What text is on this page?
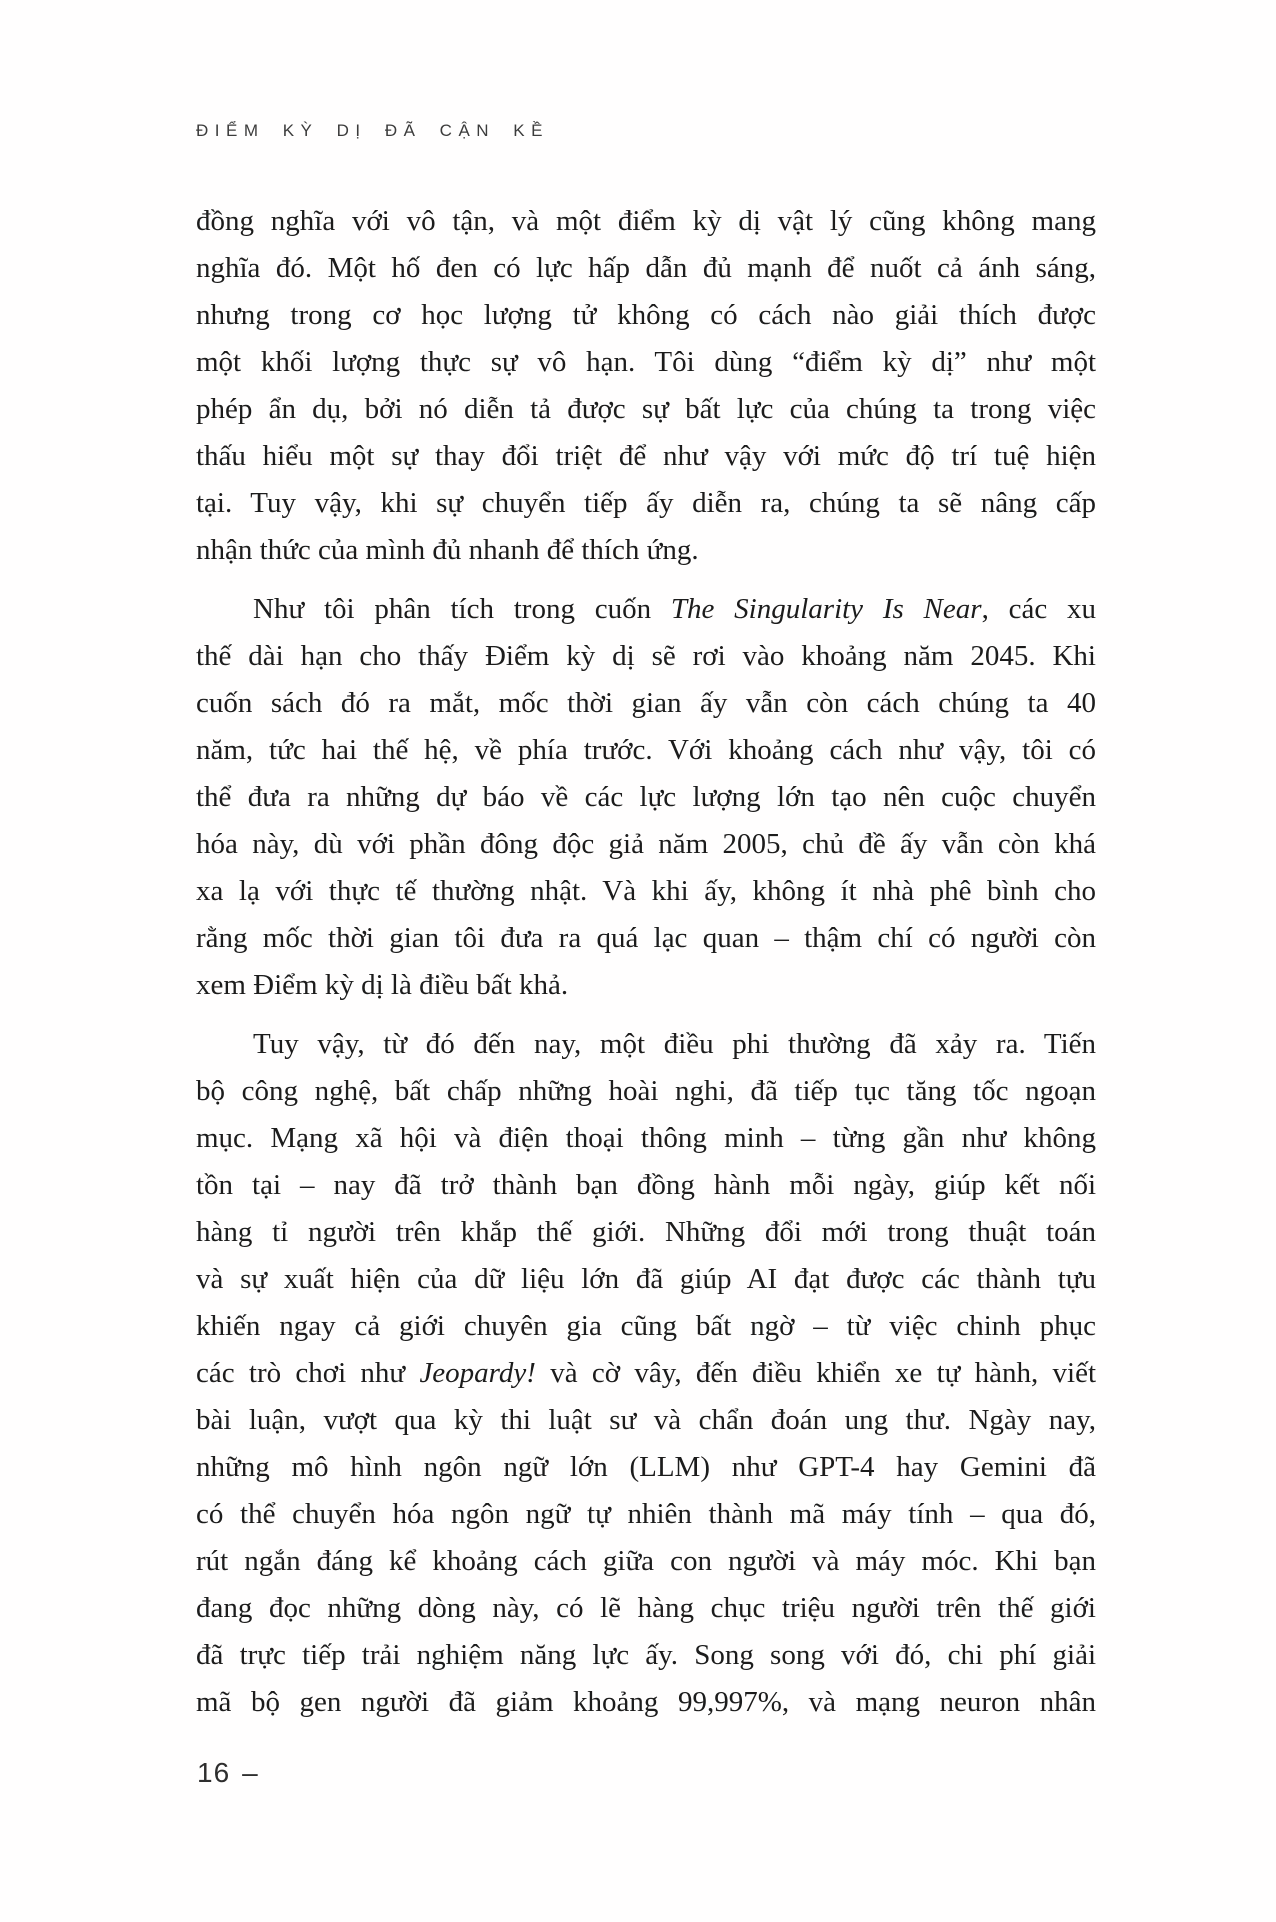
ĐIỂM KỲ DỊ ĐÃ CẬN KỀ
đồng nghĩa với vô tận, và một điểm kỳ dị vật lý cũng không mang
nghĩa đó. Một hố đen có lực hấp dẫn đủ mạnh để nuốt cả ánh sáng,
nhưng trong cơ học lượng tử không có cách nào giải thích được
một khối lượng thực sự vô hạn. Tôi dùng “điểm kỳ dị” như một
phép ẩn dụ, bởi nó diễn tả được sự bất lực của chúng ta trong việc
thấu hiểu một sự thay đổi triệt để như vậy với mức độ trí tuệ hiện
tại. Tuy vậy, khi sự chuyển tiếp ấy diễn ra, chúng ta sẽ nâng cấp
nhận thức của mình đủ nhanh để thích ứng.
Như tôi phân tích trong cuốn The Singularity Is Near, các xu
thế dài hạn cho thấy Điểm kỳ dị sẽ rơi vào khoảng năm 2045. Khi
cuốn sách đó ra mắt, mốc thời gian ấy vẫn còn cách chúng ta 40
năm, tức hai thế hệ, về phía trước. Với khoảng cách như vậy, tôi có
thể đưa ra những dự báo về các lực lượng lớn tạo nên cuộc chuyển
hóa này, dù với phần đông độc giả năm 2005, chủ đề ấy vẫn còn khá
xa lạ với thực tế thường nhật. Và khi ấy, không ít nhà phê bình cho
rằng mốc thời gian tôi đưa ra quá lạc quan – thậm chí có người còn
xem Điểm kỳ dị là điều bất khả.
Tuy vậy, từ đó đến nay, một điều phi thường đã xảy ra. Tiến
bộ công nghệ, bất chấp những hoài nghi, đã tiếp tục tăng tốc ngoạn
mục. Mạng xã hội và điện thoại thông minh – từng gần như không
tồn tại – nay đã trở thành bạn đồng hành mỗi ngày, giúp kết nối
hàng tỉ người trên khắp thế giới. Những đổi mới trong thuật toán
và sự xuất hiện của dữ liệu lớn đã giúp AI đạt được các thành tựu
khiến ngay cả giới chuyên gia cũng bất ngờ – từ việc chinh phục
các trò chơi như Jeopardy! và cờ vây, đến điều khiển xe tự hành, viết
bài luận, vượt qua kỳ thi luật sư và chẩn đoán ung thư. Ngày nay,
những mô hình ngôn ngữ lớn (LLM) như GPT-4 hay Gemini đã
có thể chuyển hóa ngôn ngữ tự nhiên thành mã máy tính – qua đó,
rút ngắn đáng kể khoảng cách giữa con người và máy móc. Khi bạn
đang đọc những dòng này, có lẽ hàng chục triệu người trên thế giới
đã trực tiếp trải nghiệm năng lực ấy. Song song với đó, chi phí giải
mã bộ gen người đã giảm khoảng 99,997%, và mạng neuron nhân
16 –
